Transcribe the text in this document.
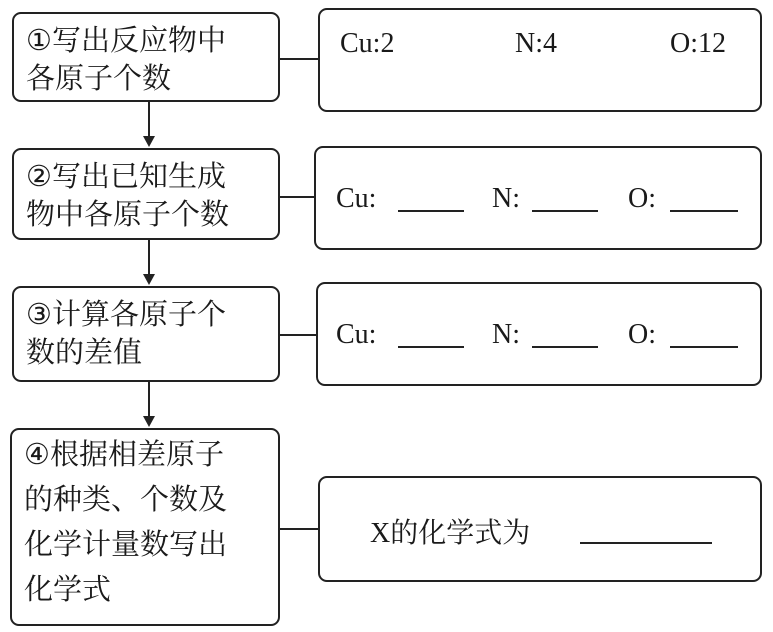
①写出反应物中
各原子个数
Cu:2	N:4	O:12
②写出已知生成
物中各原子个数	Cu:	N:	O:
③计算各原子个
数的差值
Cu:	N:	O:
④根据相差原子
的种类、个数及
化学计量数写出
化学式
X的化学式为
